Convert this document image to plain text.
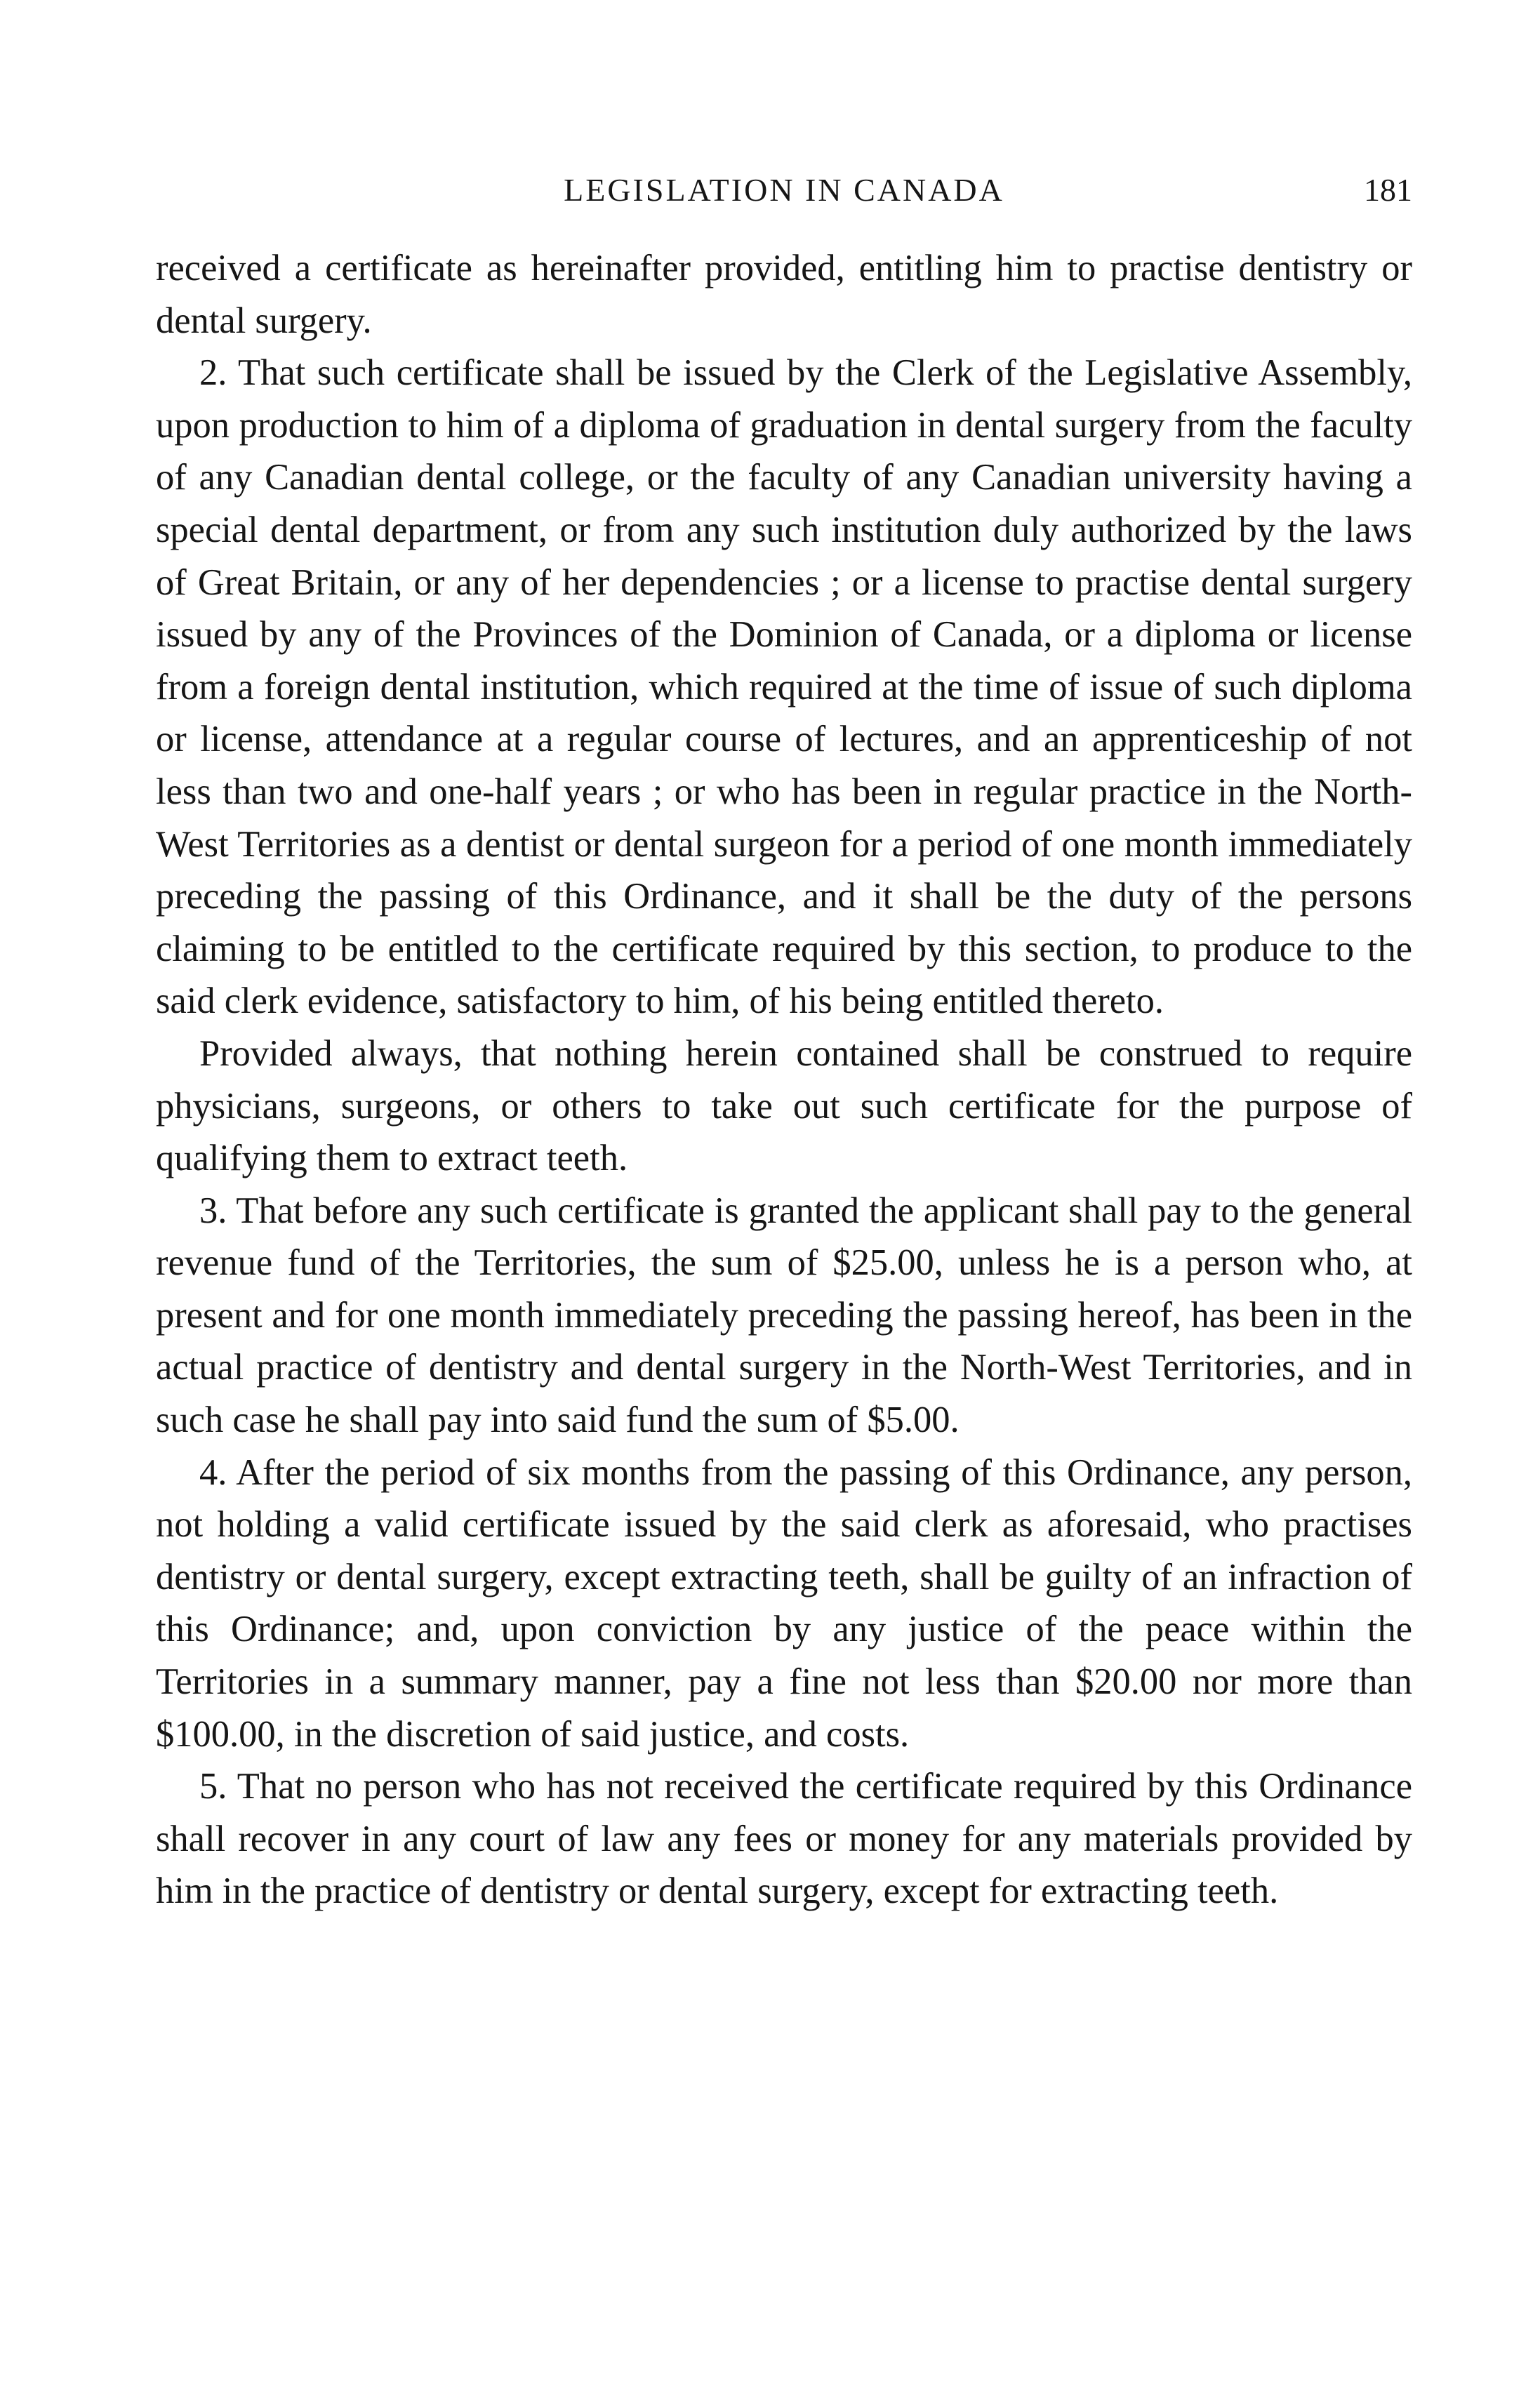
LEGISLATION IN CANADA	181

received a certificate as hereinafter provided, entitling him to practise dentistry or dental surgery.

2. That such certificate shall be issued by the Clerk of the Legislative Assembly, upon production to him of a diploma of graduation in dental surgery from the faculty of any Canadian dental college, or the faculty of any Canadian university having a special dental department, or from any such institution duly authorized by the laws of Great Britain, or any of her dependencies ; or a license to practise dental surgery issued by any of the Provinces of the Dominion of Canada, or a diploma or license from a foreign dental institution, which required at the time of issue of such diploma or license, attendance at a regular course of lectures, and an apprenticeship of not less than two and one-half years ; or who has been in regular practice in the North-West Territories as a dentist or dental surgeon for a period of one month immediately preceding the passing of this Ordinance, and it shall be the duty of the persons claiming to be entitled to the certificate required by this section, to produce to the said clerk evidence, satisfactory to him, of his being entitled thereto.

Provided always, that nothing herein contained shall be construed to require physicians, surgeons, or others to take out such certificate for the purpose of qualifying them to extract teeth.

3. That before any such certificate is granted the applicant shall pay to the general revenue fund of the Territories, the sum of $25.00, unless he is a person who, at present and for one month immediately preceding the passing hereof, has been in the actual practice of dentistry and dental surgery in the North-West Territories, and in such case he shall pay into said fund the sum of $5.00.

4. After the period of six months from the passing of this Ordinance, any person, not holding a valid certificate issued by the said clerk as aforesaid, who practises dentistry or dental surgery, except extracting teeth, shall be guilty of an infraction of this Ordinance; and, upon conviction by any justice of the peace within the Territories in a summary manner, pay a fine not less than $20.00 nor more than $100.00, in the discretion of said justice, and costs.

5. That no person who has not received the certificate required by this Ordinance shall recover in any court of law any fees or money for any materials provided by him in the practice of dentistry or dental surgery, except for extracting teeth.
